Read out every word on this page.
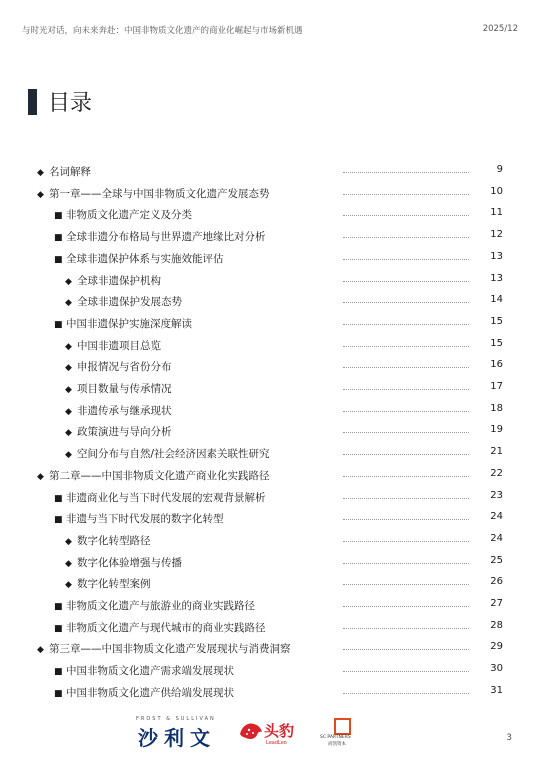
与时光对话，向未来奔赴：中国非物质文化遗产的商业化崛起与市场新机遇	2025/12
目录
◆ 名词解释	9
◆ 第一章——全球与中国非物质文化遗产发展态势	10
■ 非物质文化遗产定义及分类	11
■ 全球非遗分布格局与世界遗产地缘比对分析	12
■ 全球非遗保护体系与实施效能评估	13
◆ 全球非遗保护机构	13
◆ 全球非遗保护发展态势	14
■ 中国非遗保护实施深度解读	15
◆ 中国非遗项目总览	15
◆ 申报情况与省份分布	16
◆ 项目数量与传承情况	17
◆ 非遗传承与继承现状	18
◆ 政策演进与导向分析	19
◆ 空间分布与自然/社会经济因素关联性研究	21
◆ 第二章——中国非物质文化遗产商业化实践路径	22
■ 非遗商业化与当下时代发展的宏观背景解析	23
■ 非遗与当下时代发展的数字化转型	24
◆ 数字化转型路径	24
◆ 数字化体验增强与传播	25
◆ 数字化转型案例	26
■ 非物质文化遗产与旅游业的商业实践路径	27
■ 非物质文化遗产与现代城市的商业实践路径	28
◆ 第三章——中国非物质文化遗产发展现状与消费洞察	29
■ 中国非物质文化遗产需求端发展现状	30
■ 中国非物质文化遗产供给端发展现状	31
FROST & SULLIVAN
沙利文	头豹
LeadLeo
SC PARTNERS
尚凯资本
3
